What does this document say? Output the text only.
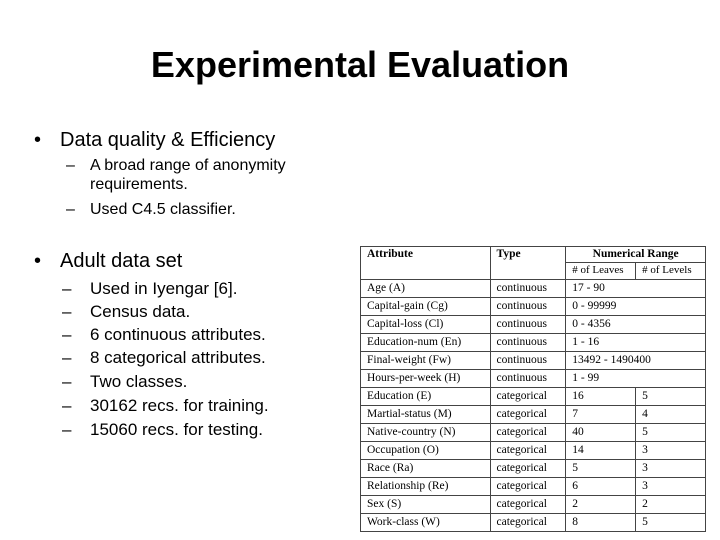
Experimental Evaluation
• Data quality & Efficiency
– A broad range of anonymity
requirements.
– Used C4.5 classifier.
• Adult data set
– Used in Iyengar [6].
– Census data.
– 6 continuous attributes.
– 8 categorical attributes.
– Two classes.
– 30162 recs. for training.
– 15060 recs. for testing.
Attribute	Type	Numerical Range	
		# of Leaves	# of Levels
Age (A)	continuous	17 - 90	
Capital-gain (Cg)	continuous	0 - 99999	
Capital-loss (Cl)	continuous	0 - 4356	
Education-num (En)	continuous	1 - 16	
Final-weight (Fw)	continuous	13492 - 1490400	
Hours-per-week (H)	continuous	1 - 99	
Education (E)	categorical	16	5
Martial-status (M)	categorical	7	4
Native-country (N)	categorical	40	5
Occupation (O)	categorical	14	3
Race (Ra)	categorical	5	3
Relationship (Re)	categorical	6	3
Sex (S)	categorical	2	2
Work-class (W)	categorical	8	5
